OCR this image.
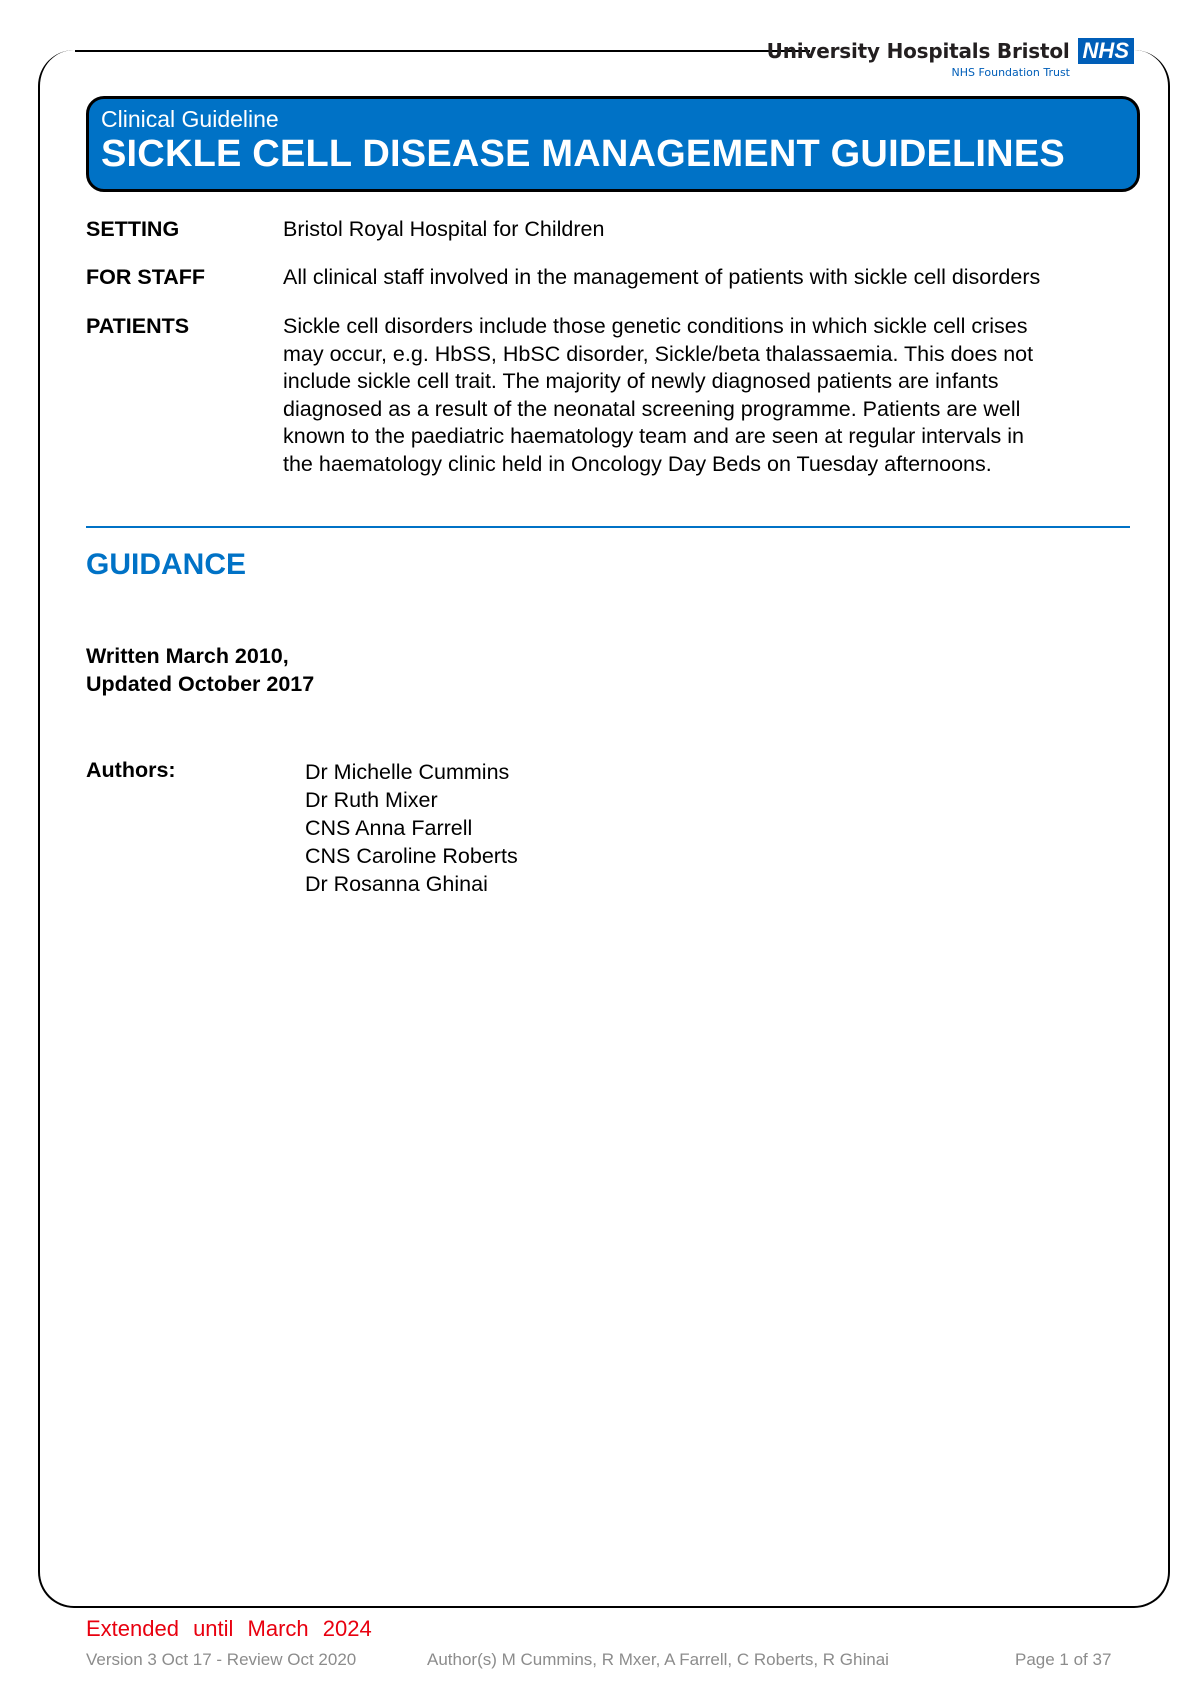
University Hospitals Bristol NHS
NHS Foundation Trust
Clinical Guideline
SICKLE CELL DISEASE MANAGEMENT GUIDELINES
SETTING	Bristol Royal Hospital for Children
FOR STAFF	All clinical staff involved in the management of patients with sickle cell disorders
PATIENTS	Sickle cell disorders include those genetic conditions in which sickle cell crises
may occur, e.g. HbSS, HbSC disorder, Sickle/beta thalassaemia. This does not
include sickle cell trait. The majority of newly diagnosed patients are infants
diagnosed as a result of the neonatal screening programme. Patients are well
known to the paediatric haematology team and are seen at regular intervals in
the haematology clinic held in Oncology Day Beds on Tuesday afternoons.
GUIDANCE
Written March 2010,
Updated October 2017
Authors:	Dr Michelle Cummins
Dr Ruth Mixer
CNS Anna Farrell
CNS Caroline Roberts
Dr Rosanna Ghinai
Extended until March 2024
Version 3 Oct 17 - Review Oct 2020	Author(s) M Cummins, R Mxer, A Farrell, C Roberts, R Ghinai	Page 1 of 37
